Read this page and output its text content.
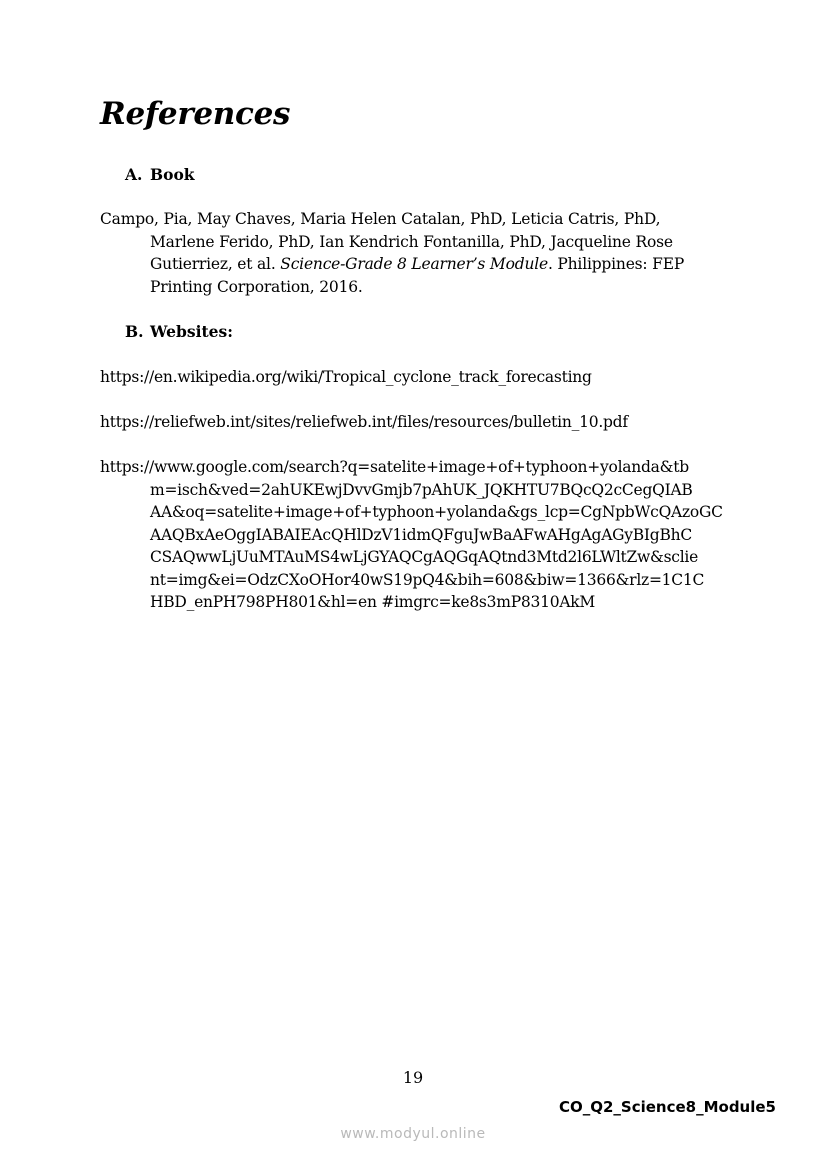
References
A. Book

Campo, Pia, May Chaves, Maria Helen Catalan, PhD, Leticia Catris, PhD,
Marlene Ferido, PhD, Ian Kendrich Fontanilla, PhD, Jacqueline Rose
Gutierriez, et al. Science-Grade 8 Learner’s Module. Philippines: FEP
Printing Corporation, 2016.

B. Websites:

https://en.wikipedia.org/wiki/Tropical_cyclone_track_forecasting

https://reliefweb.int/sites/reliefweb.int/files/resources/bulletin_10.pdf

https://www.google.com/search?q=satelite+image+of+typhoon+yolanda&tb
m=isch&ved=2ahUKEwjDvvGmjb7pAhUK_JQKHTU7BQcQ2cCegQIAB
AA&oq=satelite+image+of+typhoon+yolanda&gs_lcp=CgNpbWcQAzoGC
AAQBxAeOggIABAIEAcQHlDzV1idmQFguJwBaAFwAHgAgAGyBIgBhC
CSAQwwLjUuMTAuMS4wLjGYAQCgAQGqAQtnd3Mtd2l6LWltZw&sclie
nt=img&ei=OdzCXoOHor40wS19pQ4&bih=608&biw=1366&rlz=1C1C
HBD_enPH798PH801&hl=en #imgrc=ke8s3mP8310AkM

19
CO_Q2_Science8_Module5
www.modyul.online
